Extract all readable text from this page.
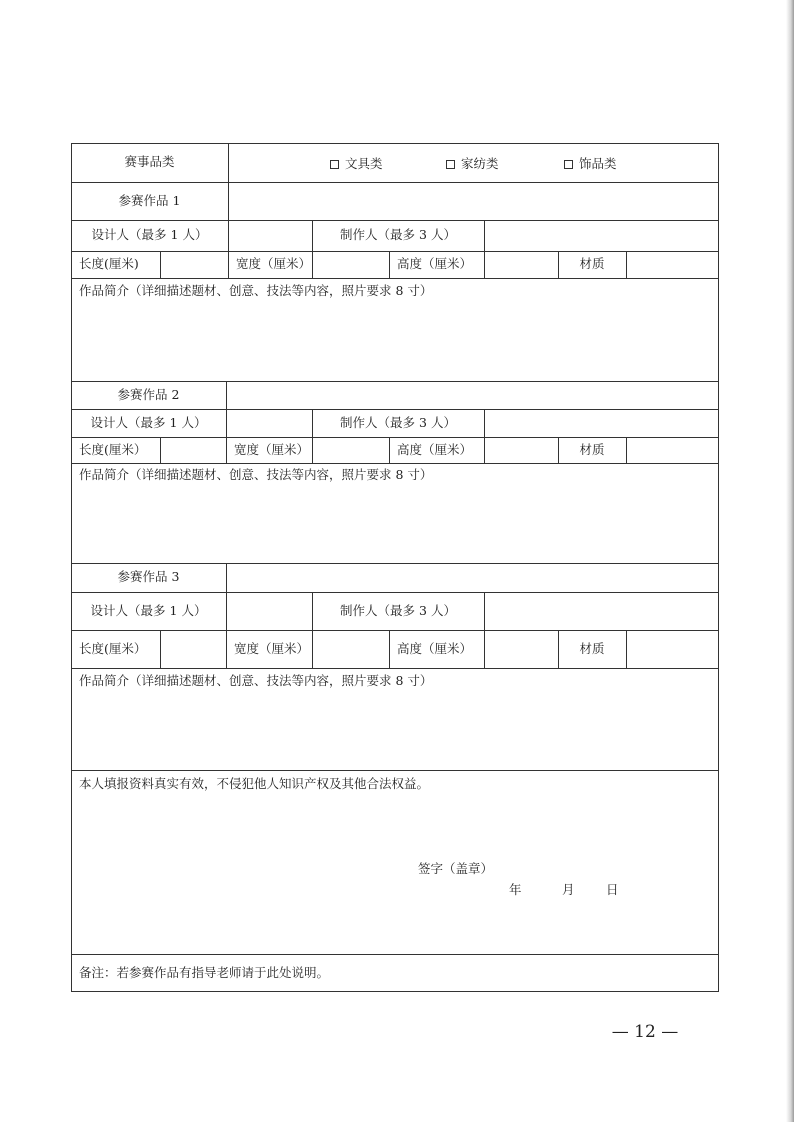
赛事品类	文具类	家纺类	饰品类
参赛作品 1
设计人（最多 1 人）	制作人（最多 3 人）
长度(厘米)	宽度（厘米）	高度（厘米）	材质
作品简介（详细描述题材、创意、技法等内容，照片要求 8 寸）
参赛作品 2
设计人（最多 1 人）	制作人（最多 3 人）
长度(厘米）	宽度（厘米）	高度（厘米）	材质
作品简介（详细描述题材、创意、技法等内容，照片要求 8 寸）
参赛作品 3
设计人（最多 1 人）	制作人（最多 3 人）
长度(厘米）	宽度（厘米）	高度（厘米）	材质
作品简介（详细描述题材、创意、技法等内容，照片要求 8 寸）
本人填报资料真实有效，不侵犯他人知识产权及其他合法权益。
签字（盖章）
年	月	日
备注：若参赛作品有指导老师请于此处说明。
— 12 —
